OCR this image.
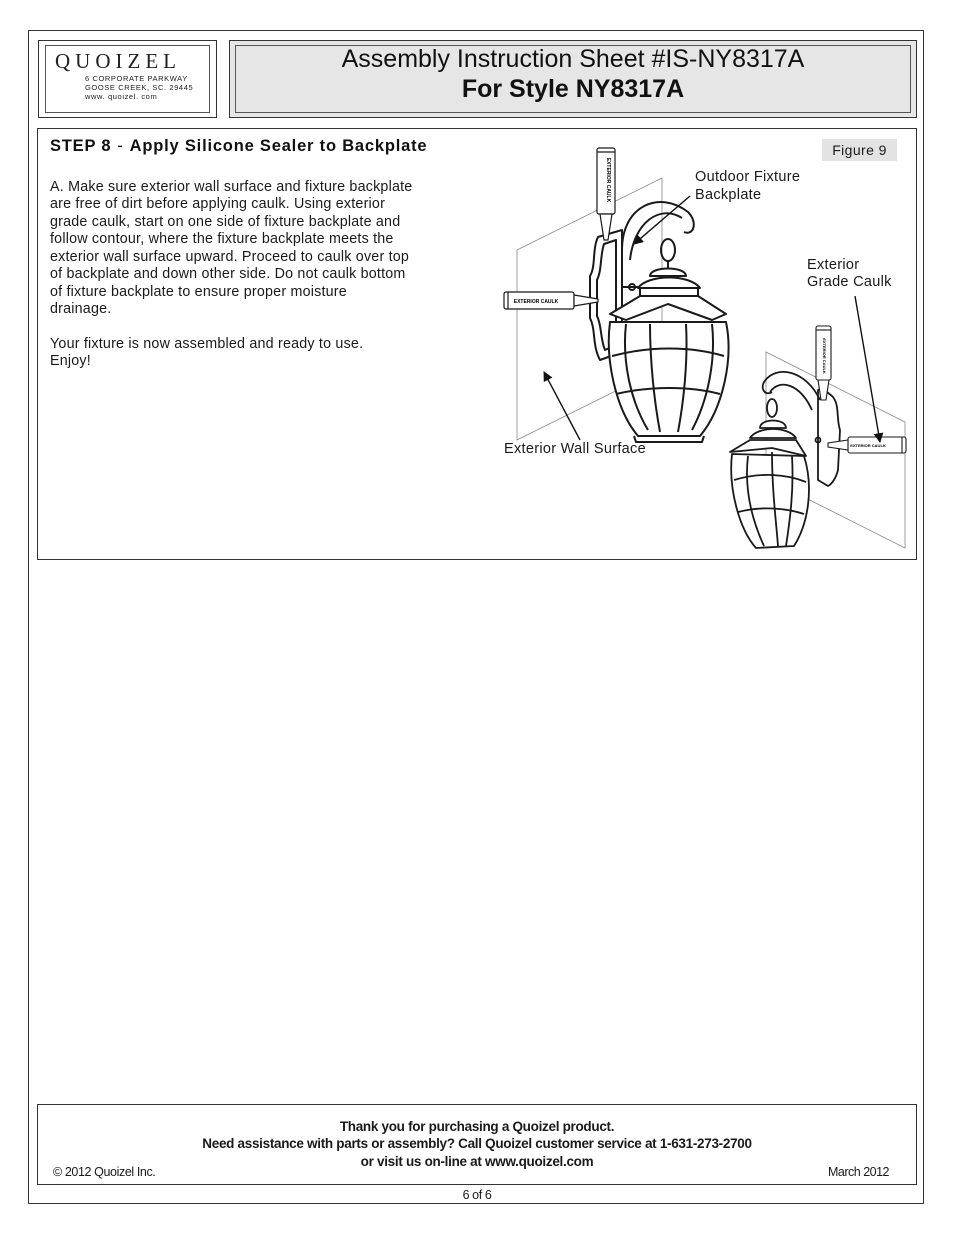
QUOIZEL
6 CORPORATE PARKWAY
GOOSE CREEK, SC. 29445
www. quoizel. com
Assembly Instruction Sheet #IS-NY8317A
For Style NY8317A
STEP 8 - Apply Silicone Sealer to Backplate
A. Make sure exterior wall surface and fixture backplate
are free of dirt before applying caulk. Using exterior
grade caulk, start on one side of fixture backplate and
follow contour, where the fixture backplate meets the
exterior wall surface upward. Proceed to caulk over top
of backplate and down other side. Do not caulk bottom
of fixture backplate to ensure proper moisture
drainage.
Your fixture is now assembled and ready to use.
Enjoy!
Figure 9
Outdoor Fixture
Backplate
Exterior
Grade Caulk
Exterior Wall Surface
EXTERIOR CAULK
EXTERIOR CAULK
EXTERIOR CAULK
EXTERIOR CAULK
Thank you for purchasing a Quoizel product.
Need assistance with parts or assembly? Call Quoizel customer service at 1-631-273-2700
or visit us on-line at www.quoizel.com
© 2012 Quoizel Inc.	March 2012
6 of 6
